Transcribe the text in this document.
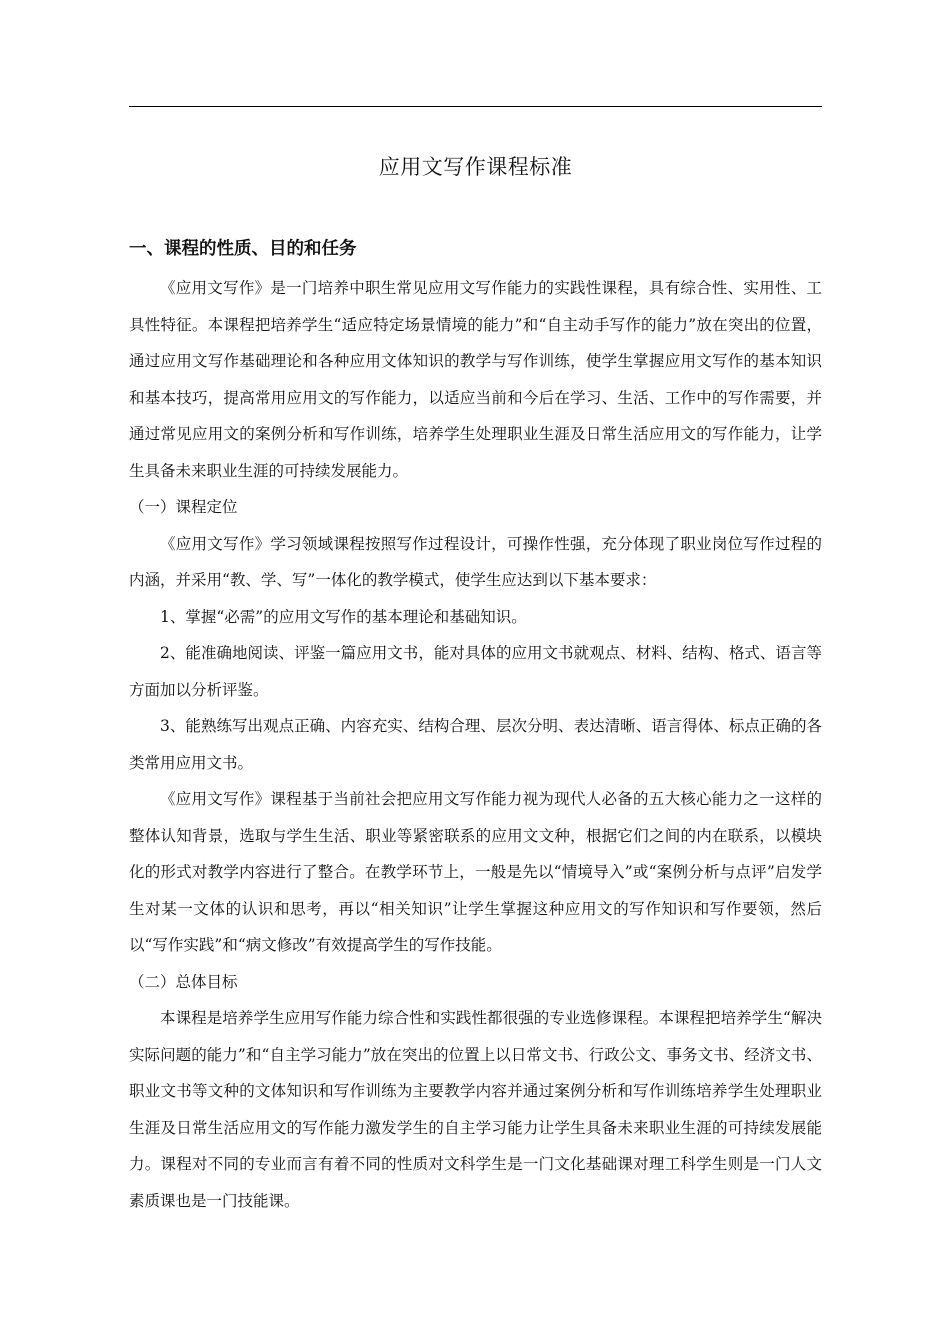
应用文写作课程标准
一、课程的性质、目的和任务

《应用文写作》是一门培养中职生常见应用文写作能力的实践性课程，具有综合性、实用性、工具性特征。本课程把培养学生“适应特定场景情境的能力”和“自主动手写作的能力”放在突出的位置，通过应用文写作基础理论和各种应用文体知识的教学与写作训练，使学生掌握应用文写作的基本知识和基本技巧，提高常用应用文的写作能力，以适应当前和今后在学习、生活、工作中的写作需要，并通过常见应用文的案例分析和写作训练，培养学生处理职业生涯及日常生活应用文的写作能力，让学生具备未来职业生涯的可持续发展能力。

（一）课程定位

《应用文写作》学习领域课程按照写作过程设计，可操作性强，充分体现了职业岗位写作过程的内涵，并采用“教、学、写”一体化的教学模式，使学生应达到以下基本要求：

1、掌握“必需”的应用文写作的基本理论和基础知识。

2、能准确地阅读、评鉴一篇应用文书，能对具体的应用文书就观点、材料、结构、格式、语言等方面加以分析评鉴。

3、能熟练写出观点正确、内容充实、结构合理、层次分明、表达清晰、语言得体、标点正确的各类常用应用文书。

《应用文写作》课程基于当前社会把应用文写作能力视为现代人必备的五大核心能力之一这样的整体认知背景，选取与学生生活、职业等紧密联系的应用文文种，根据它们之间的内在联系，以模块化的形式对教学内容进行了整合。在教学环节上，一般是先以“情境导入”或“案例分析与点评”启发学生对某一文体的认识和思考，再以“相关知识”让学生掌握这种应用文的写作知识和写作要领，然后以“写作实践”和“病文修改”有效提高学生的写作技能。

（二）总体目标

本课程是培养学生应用写作能力综合性和实践性都很强的专业选修课程。本课程把培养学生“解决实际问题的能力”和“自主学习能力”放在突出的位置上以日常文书、行政公文、事务文书、经济文书、职业文书等文种的文体知识和写作训练为主要教学内容并通过案例分析和写作训练培养学生处理职业生涯及日常生活应用文的写作能力激发学生的自主学习能力让学生具备未来职业生涯的可持续发展能力。课程对不同的专业而言有着不同的性质对文科学生是一门文化基础课对理工科学生则是一门人文素质课也是一门技能课。
